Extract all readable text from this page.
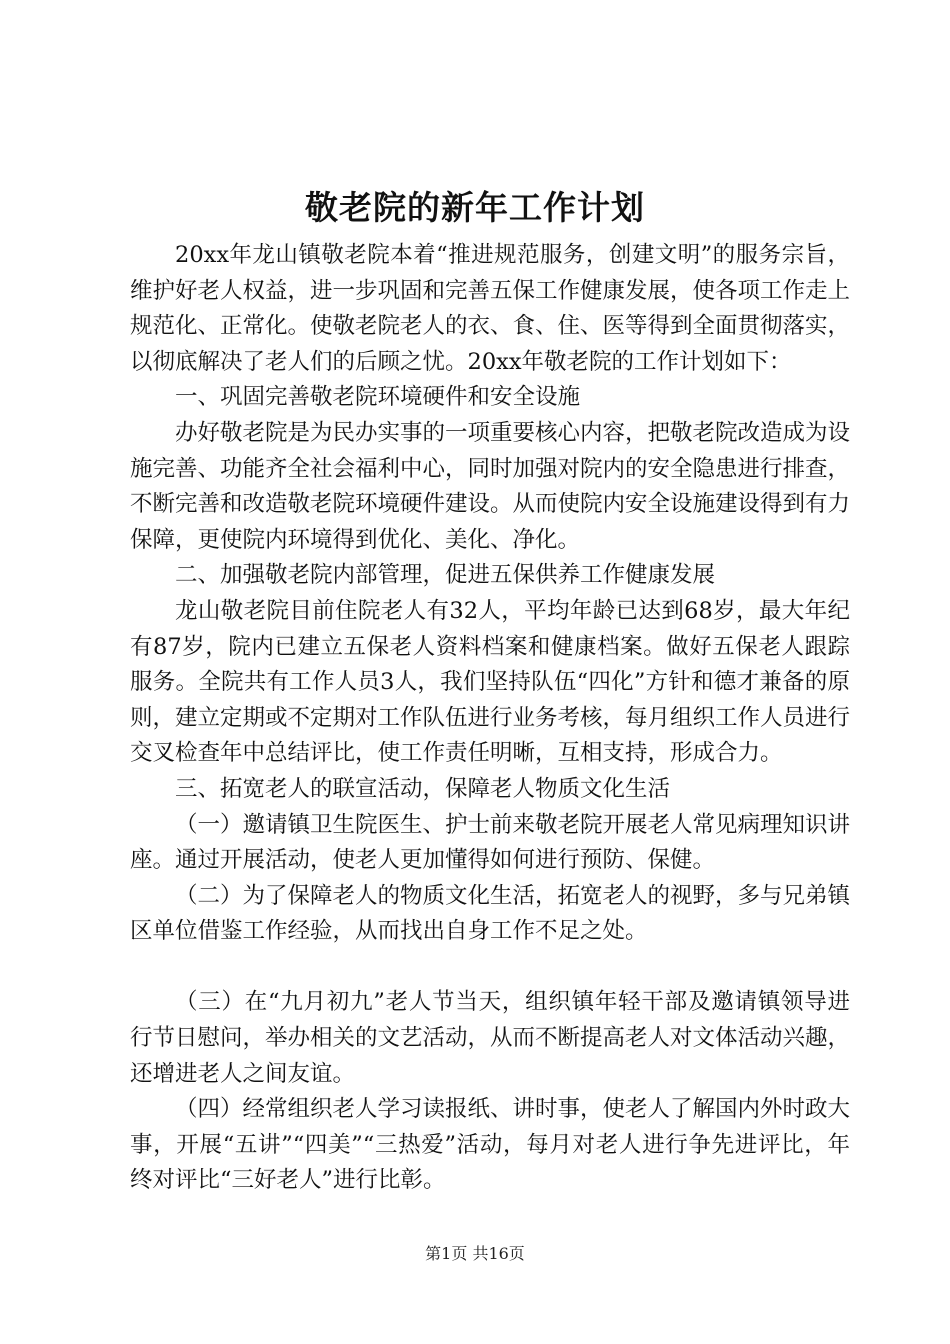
敬老院的新年工作计划

20xx年龙山镇敬老院本着“推进规范服务，创建文明”的服务宗旨，维护好老人权益，进一步巩固和完善五保工作健康发展，使各项工作走上规范化、正常化。使敬老院老人的衣、食、住、医等得到全面贯彻落实，以彻底解决了老人们的后顾之忧。20xx年敬老院的工作计划如下：

一、巩固完善敬老院环境硬件和安全设施

办好敬老院是为民办实事的一项重要核心内容，把敬老院改造成为设施完善、功能齐全社会福利中心，同时加强对院内的安全隐患进行排查，不断完善和改造敬老院环境硬件建设。从而使院内安全设施建设得到有力保障，更使院内环境得到优化、美化、净化。

二、加强敬老院内部管理，促进五保供养工作健康发展

龙山敬老院目前住院老人有32人，平均年龄已达到68岁，最大年纪有87岁，院内已建立五保老人资料档案和健康档案。做好五保老人跟踪服务。全院共有工作人员3人，我们坚持队伍“四化”方针和德才兼备的原则，建立定期或不定期对工作队伍进行业务考核，每月组织工作人员进行交叉检查年中总结评比，使工作责任明晰，互相支持，形成合力。

三、拓宽老人的联宣活动，保障老人物质文化生活

（一）邀请镇卫生院医生、护士前来敬老院开展老人常见病理知识讲座。通过开展活动，使老人更加懂得如何进行预防、保健。

（二）为了保障老人的物质文化生活，拓宽老人的视野，多与兄弟镇区单位借鉴工作经验，从而找出自身工作不足之处。

（三）在“九月初九”老人节当天，组织镇年轻干部及邀请镇领导进行节日慰问，举办相关的文艺活动，从而不断提高老人对文体活动兴趣，还增进老人之间友谊。

（四）经常组织老人学习读报纸、讲时事，使老人了解国内外时政大事，开展“五讲”“四美”“三热爱”活动，每月对老人进行争先进评比，年终对评比“三好老人”进行比彰。

第1页 共16页
